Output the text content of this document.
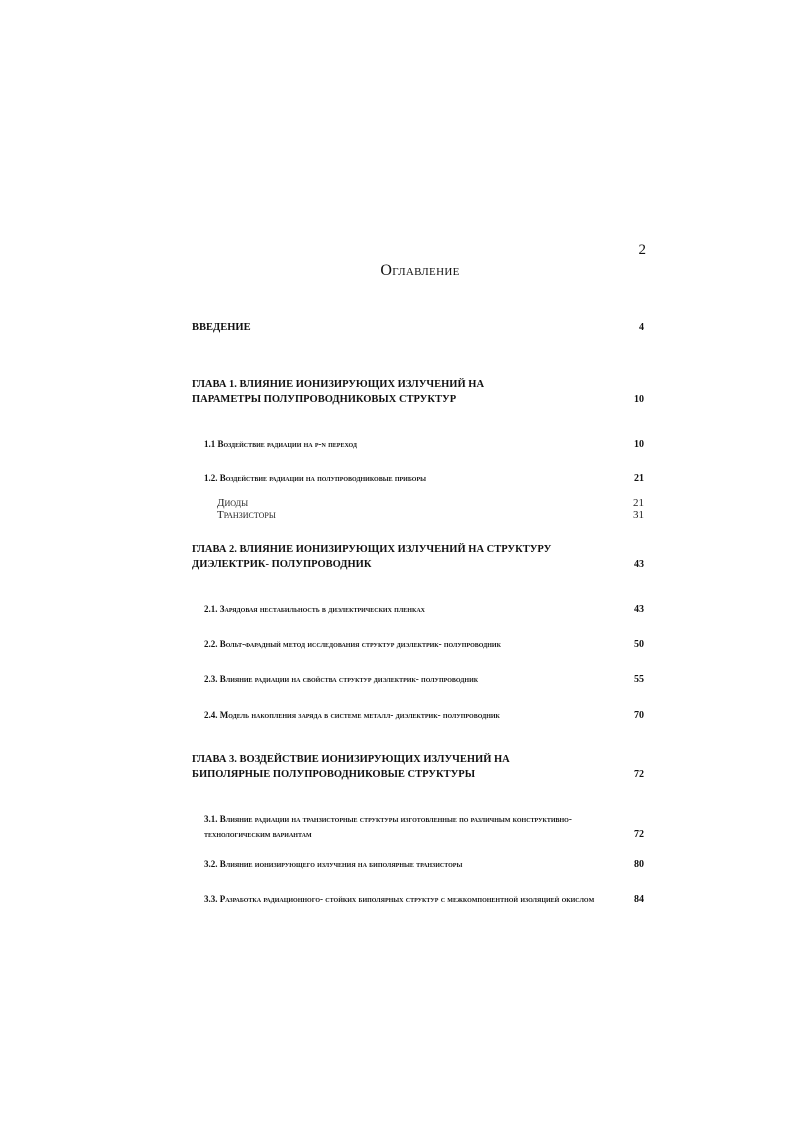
2
Оглавление
ВВЕДЕНИЕ	4
ГЛАВА 1. ВЛИЯНИЕ ИОНИЗИРУЮЩИХ ИЗЛУЧЕНИЙ НА ПАРАМЕТРЫ ПОЛУПРОВОДНИКОВЫХ СТРУКТУР	10
1.1 Воздействие радиации на p-n переход	10
1.2. Воздействие радиации на полупроводниковые приборы	21
Диоды	21
Транзисторы	31
ГЛАВА 2. ВЛИЯНИЕ ИОНИЗИРУЮЩИХ ИЗЛУЧЕНИЙ НА СТРУКТУРУ ДИЭЛЕКТРИК- ПОЛУПРОВОДНИК	43
2.1. Зарядовая нестабильность в диэлектрических пленках	43
2.2. Вольт-фарадный метод исследования структур диэлектрик- полупроводник	50
2.3. Влияние радиации на свойства структур диэлектрик- полупроводник	55
2.4. Модель накопления заряда в системе металл- диэлектрик- полупроводник	70
ГЛАВА 3. ВОЗДЕЙСТВИЕ ИОНИЗИРУЮЩИХ ИЗЛУЧЕНИЙ НА БИПОЛЯРНЫЕ ПОЛУПРОВОДНИКОВЫЕ СТРУКТУРЫ	72
3.1. Влияние радиации на транзисторные структуры изготовленные по различным конструктивно-технологическим вариантам	72
3.2. Влияние ионизирующего излучения на биполярные транзисторы	80
3.3. Разработка радиационного- стойких биполярных структур с межкомпонентной изоляцией окислом	84
